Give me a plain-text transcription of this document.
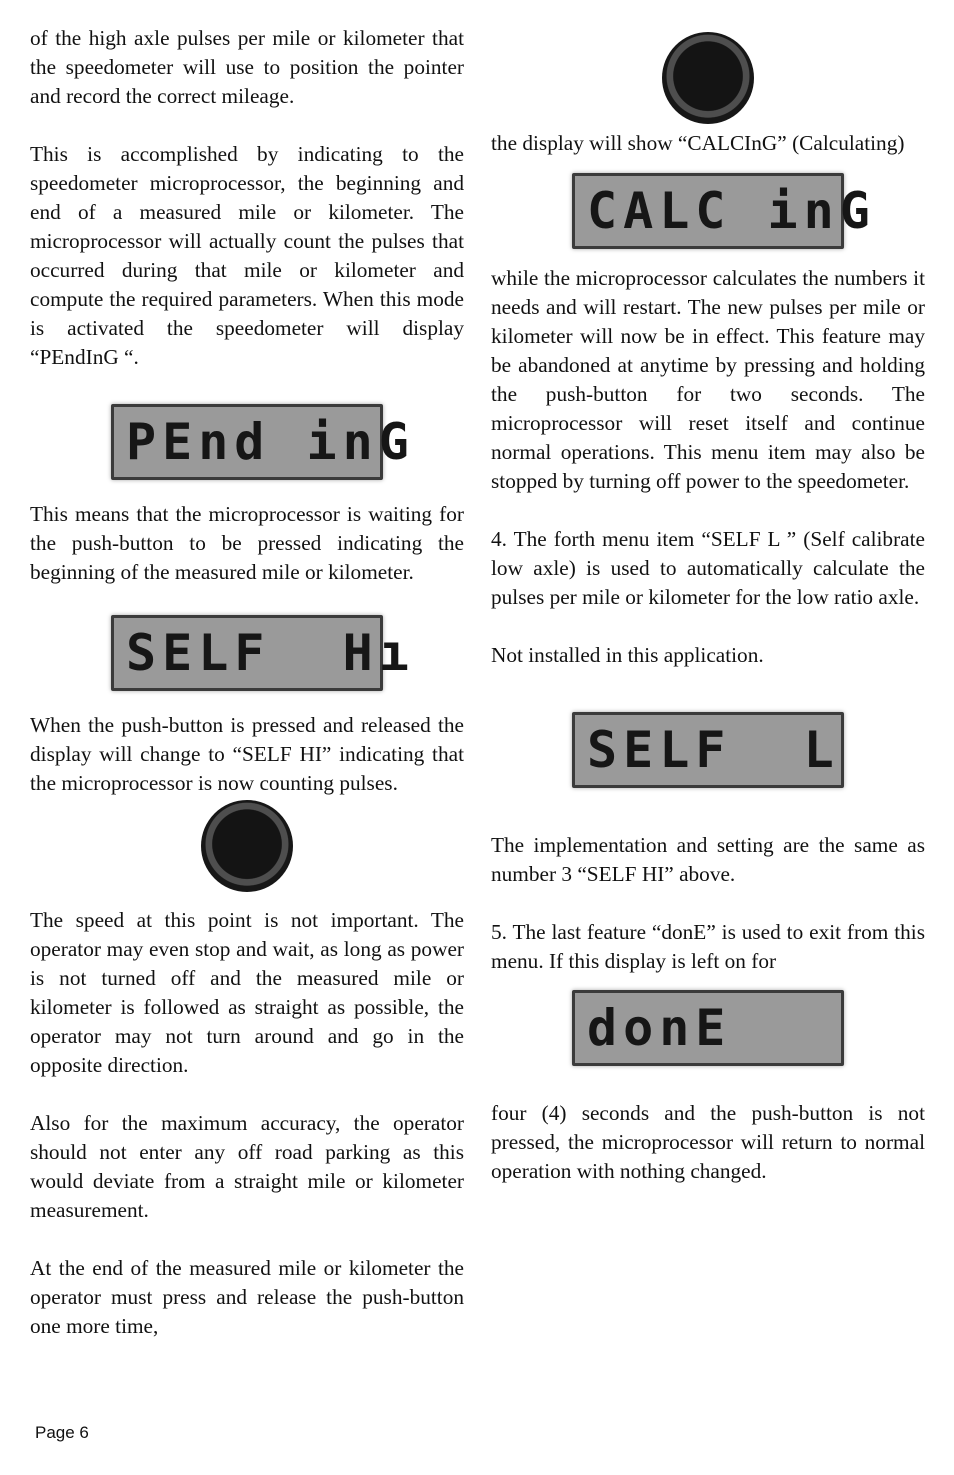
of the high axle pulses per mile or kilometer that the speedometer will use to position the pointer and record the correct mileage.

This is accomplished by indicating to the speedometer microprocessor, the beginning and end of a measured mile or kilometer. The microprocessor will actually count the pulses that occurred during that mile or kilometer and compute the required parameters. When this mode is activated the speedometer will display “PEndInG “.

PEnd inG

This means that the microprocessor is waiting for the push-button to be pressed indicating the beginning of the measured mile or kilometer.

SELF  Hı

When the push-button is pressed and released the display will change to “SELF HI” indicating that the microprocessor is now counting pulses.

The speed at this point is not important. The operator may even stop and wait, as long as power is not turned off and the measured mile or kilometer is followed as straight as possible, the operator may not turn around and go in the opposite direction.

Also for the maximum accuracy, the operator should not enter any off road parking as this would deviate from a straight mile or kilometer measurement.

At the end of the measured mile or kilometer the operator must press and release the push-button one more time,

the display will show “CALCInG” (Calculating)

CALC inG

while the microprocessor calculates the numbers it needs and will restart. The new pulses per mile or kilometer will now be in effect. This feature may be abandoned at anytime by pressing and holding the push-button for two seconds. The microprocessor will reset itself and continue normal operations. This menu item may also be stopped by turning off power to the speedometer.

4. The forth menu item “SELF L ” (Self calibrate low axle) is used to automatically calculate the pulses per mile or kilometer for the low ratio axle.

Not installed in this application.

SELF  L

The implementation and setting are the same as number 3 “SELF HI” above.

5. The last feature “donE” is used to exit from this menu. If this display is left on for

donE

four (4) seconds and the push-button is not pressed, the microprocessor will return to normal operation with nothing changed.

Page 6
